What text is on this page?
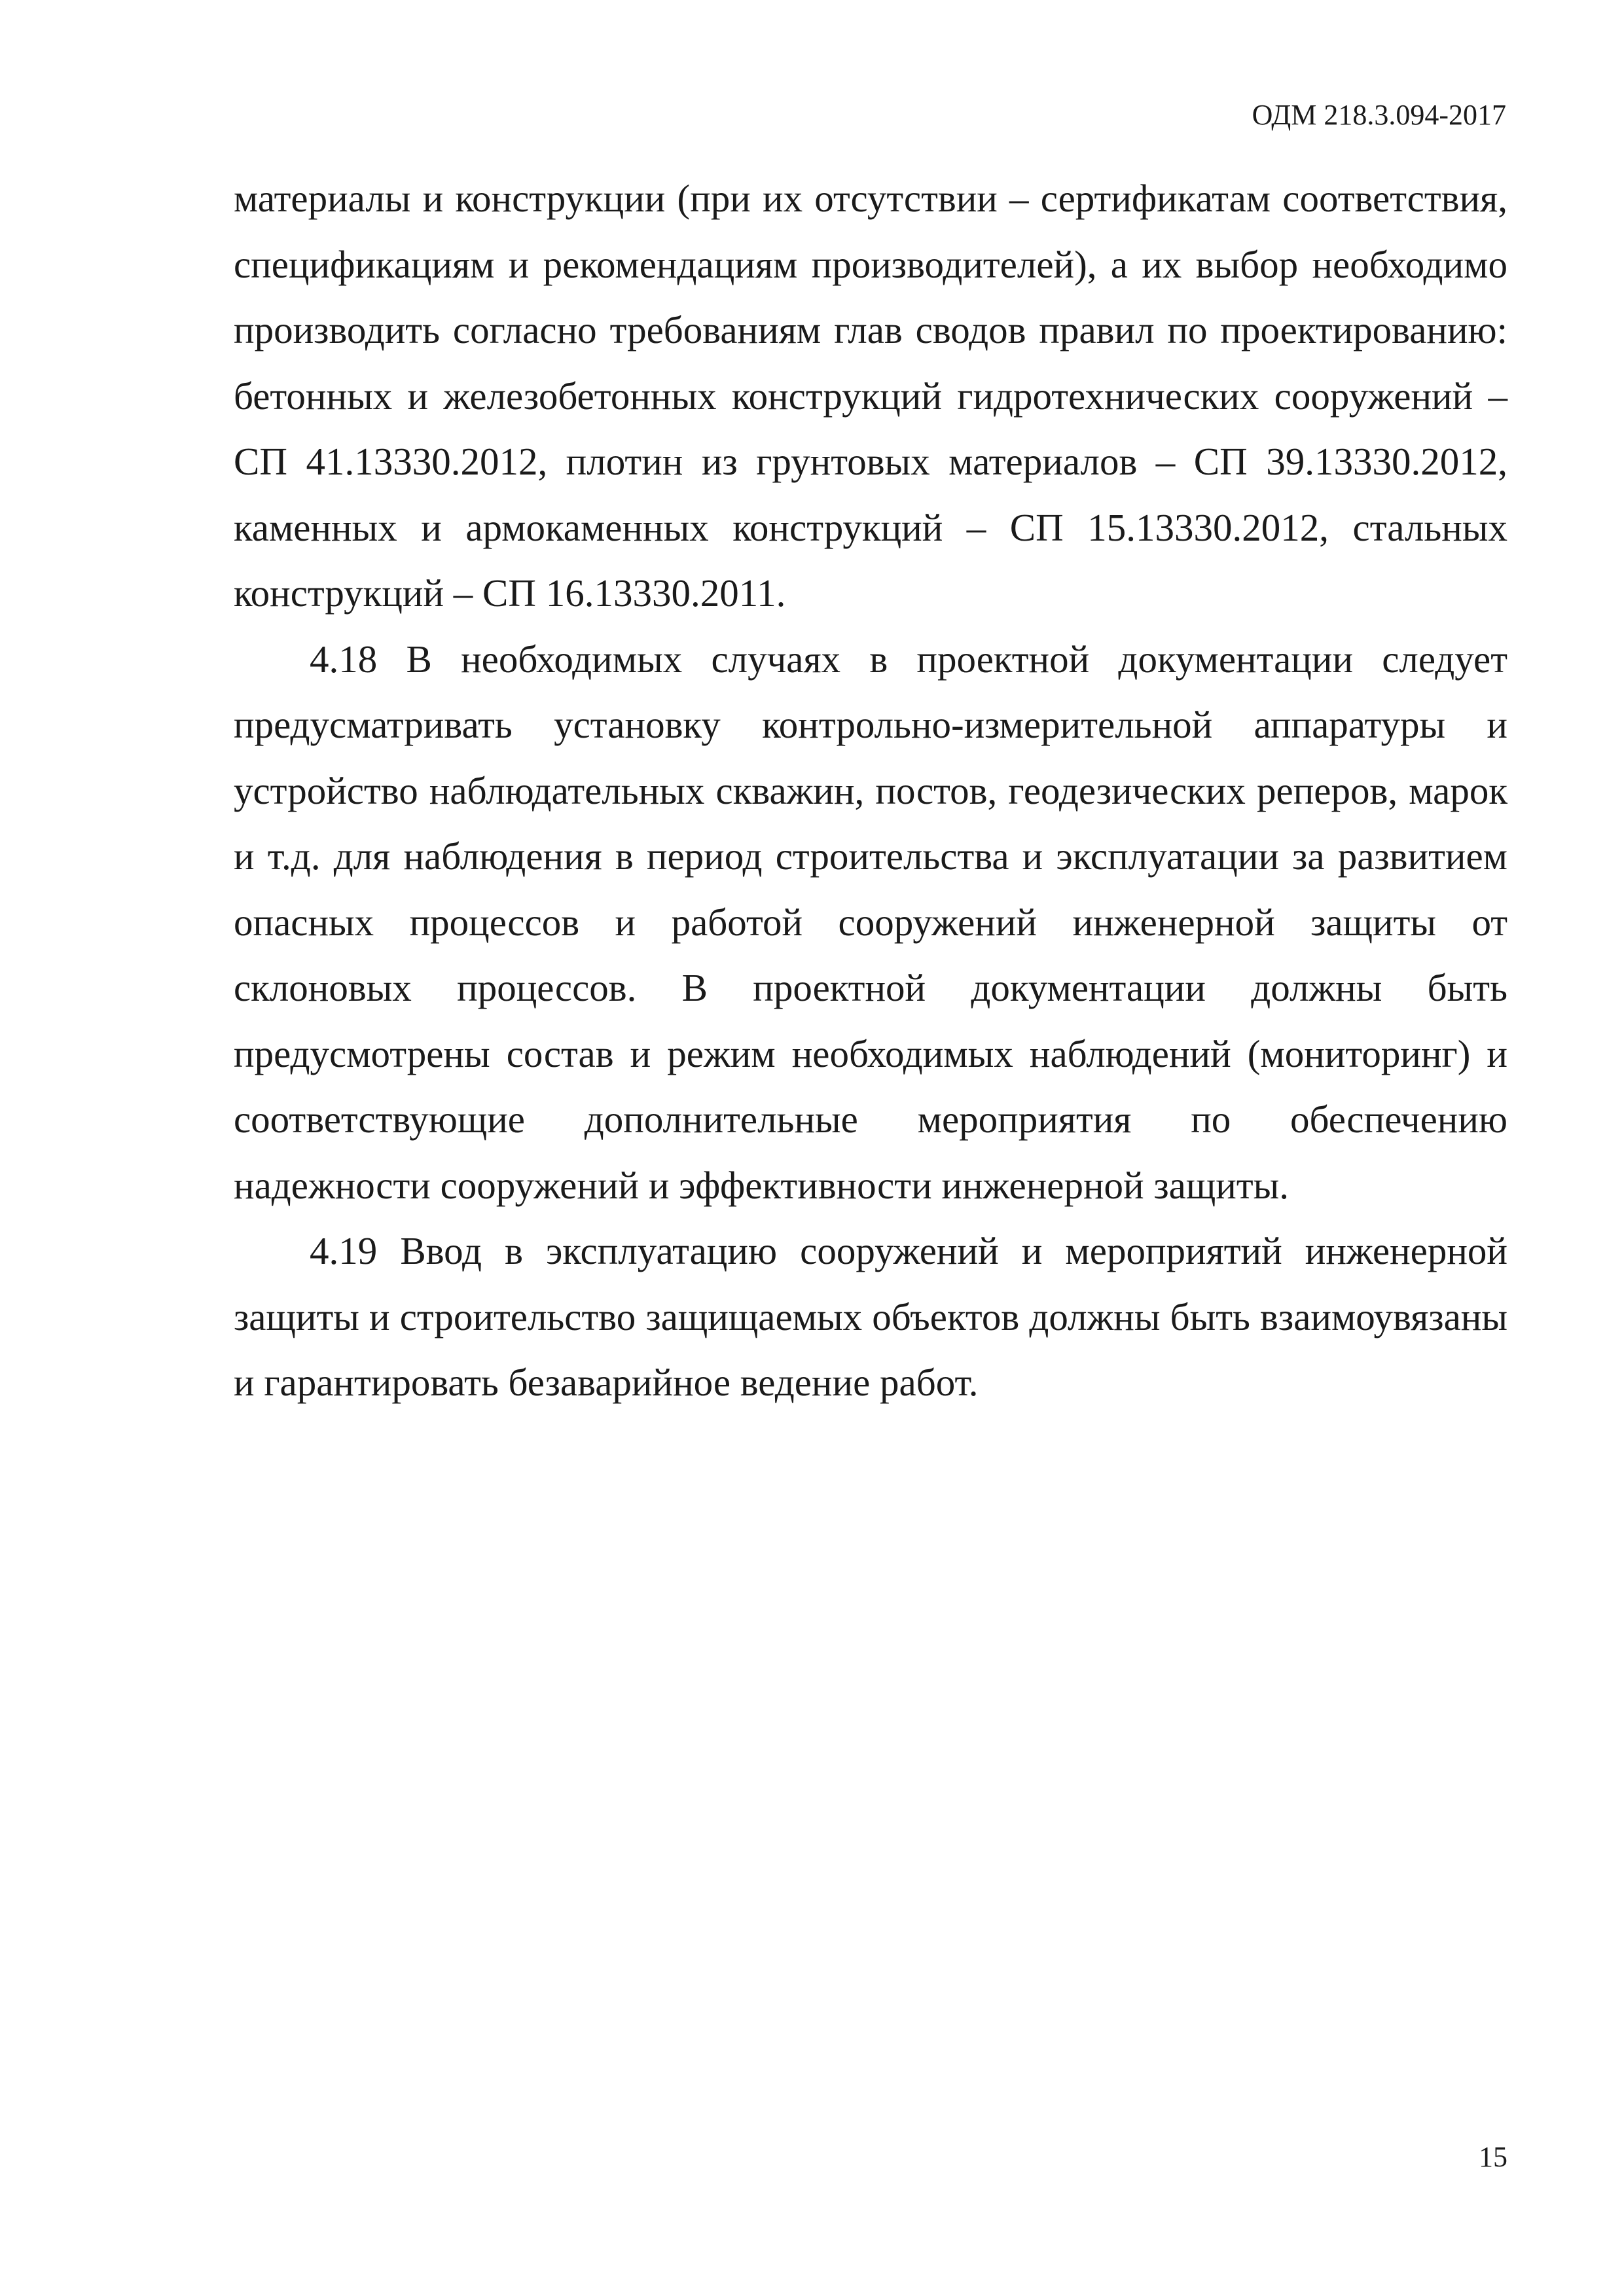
ОДМ 218.3.094-2017

материалы и конструкции (при их отсутствии – сертификатам соответствия, спецификациям и рекомендациям производителей), а их выбор необходимо производить согласно требованиям глав сводов правил по проектированию: бетонных и железобетонных конструкций гидротехнических сооружений – СП 41.13330.2012, плотин из грунтовых материалов – СП 39.13330.2012, каменных и армокаменных конструкций – СП 15.13330.2012, стальных конструкций – СП 16.13330.2011.

4.18 В необходимых случаях в проектной документации следует предусматривать установку контрольно-измерительной аппаратуры и устройство наблюдательных скважин, постов, геодезических реперов, марок и т.д. для наблюдения в период строительства и эксплуатации за развитием опасных процессов и работой сооружений инженерной защиты от склоновых процессов. В проектной документации должны быть предусмотрены состав и режим необходимых наблюдений (мониторинг) и соответствующие дополнительные мероприятия по обеспечению надежности сооружений и эффективности инженерной защиты.

4.19 Ввод в эксплуатацию сооружений и мероприятий инженерной защиты и строительство защищаемых объектов должны быть взаимоувязаны и гарантировать безаварийное ведение работ.

15
